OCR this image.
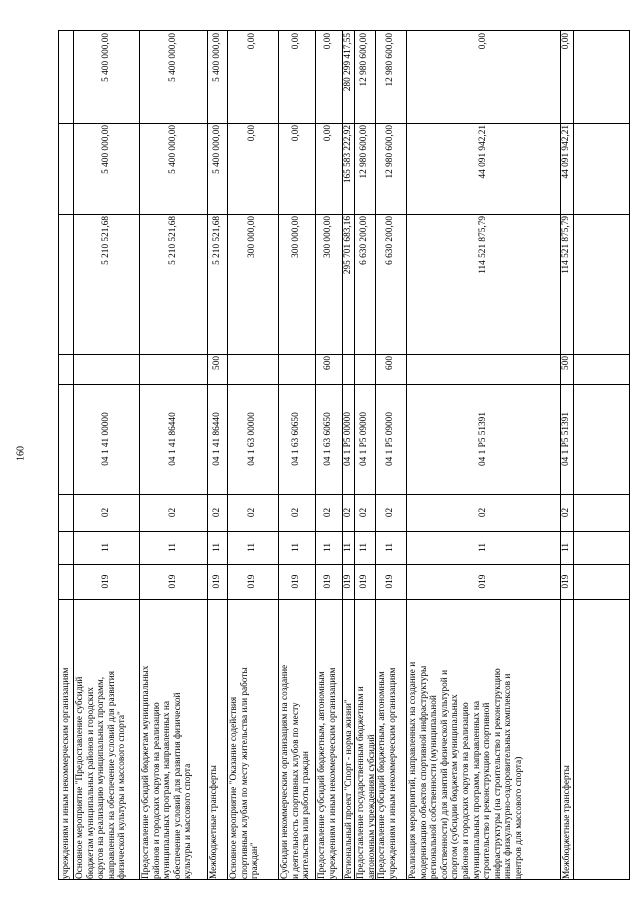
160
учреждениям и иным некоммерческим организациям Основное мероприятие "Предоставление субсидий
бюджетам муниципальных районов и городских
округов на реализацию муниципальных программ,
направленных на обеспечение условий для развития
физической культуры и массового спорта"
019
11
02
04 1 41 00000
5 210 521,68
5 400 000,00
5 400 000,00
Предоставление субсидий бюджетам муниципальных
районов и городских округов на реализацию
муниципальных программ, направленных на
обеспечение условий для развития физической
культуры и массового спорта
019
11
02
04 1 41 86440
5 210 521,68
5 400 000,00
5 400 000,00
Межбюджетные трансферты
019
11
02
04 1 41 86440
500
5 210 521,68
5 400 000,00
5 400 000,00
Основное мероприятие "Оказание содействия
спортивным клубам по месту жительства или работы
граждан"
019
11
02
04 1 63 00000
300 000,00
0,00
0,00
Субсидии некоммерческим организациям на создание
и деятельность спортивных клубов по месту
жительства или работы граждан
019
11
02
04 1 63 60650
300 000,00
0,00
0,00
Предоставление субсидий бюджетным, автономным
учреждениям и иным некоммерческим организациям
019
11
02
04 1 63 60650
600
300 000,00
0,00
0,00
Региональный проект "Спорт - норма жизни"
019
11
02
04 1 P5 00000
295 701 683,16
165 583 222,92
280 299 417,55
Предоставление государственным бюджетным и
автономным учреждениям субсидий
019
11
02
04 1 P5 09000
6 630 200,00
12 980 600,00
12 980 600,00
Предоставление субсидий бюджетным, автономным
учреждениям и иным некоммерческим организациям
019
11
02
04 1 P5 09000
600
6 630 200,00
12 980 600,00
12 980 600,00
Реализация мероприятий, направленных на создание и
модернизацию объектов спортивной инфраструктуры
региональной собственности (муниципальной
собственности) для занятий физической культурой и
спортом (субсидии бюджетам муниципальных
районов и городских округов на реализацию
муниципальных программ, направленных на
строительство и реконструкцию спортивной
инфраструктуры (на строительство и реконструкцию
иных физкультурно-оздоровительных комплексов и
центров для массового спорта)
019
11
02
04 1 P5 51391
114 521 875,79
44 091 942,21
0,00
Межбюджетные трансферты
019
11
02
04 1 P5 51391
500
114 521 875,79
44 091 942,21
0,00
